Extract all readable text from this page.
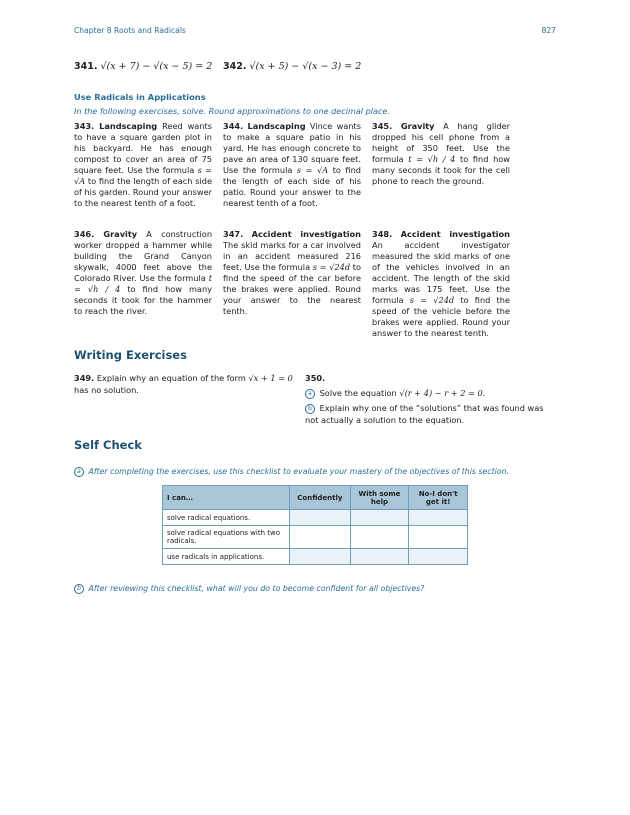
Chapter 8 Roots and Radicals	827
341. √(x + 7) − √(x − 5) = 2 342. √(x + 5) − √(x − 3) = 2
Use Radicals in Applications
In the following exercises, solve. Round approximations to one decimal place.
343. Landscaping Reed wants to have a square garden plot in his backyard. He has enough compost to cover an area of 75 square feet. Use the formula s = √A to find the length of each side of his garden. Round your answer to the nearest tenth of a foot.
344. Landscaping Vince wants to make a square patio in his yard. He has enough concrete to pave an area of 130 square feet. Use the formula s = √A to find the length of each side of his patio. Round your answer to the nearest tenth of a foot.
345. Gravity A hang glider dropped his cell phone from a height of 350 feet. Use the formula t = √h / 4 to find how many seconds it took for the cell phone to reach the ground.
346. Gravity A construction worker dropped a hammer while building the Grand Canyon skywalk, 4000 feet above the Colorado River. Use the formula t = √h / 4 to find how many seconds it took for the hammer to reach the river.
347. Accident investigation The skid marks for a car involved in an accident measured 216 feet. Use the formula s = √24d to find the speed of the car before the brakes were applied. Round your answer to the nearest tenth.
348. Accident investigation An accident investigator measured the skid marks of one of the vehicles involved in an accident. The length of the skid marks was 175 feet. Use the formula s = √24d to find the speed of the vehicle before the brakes were applied. Round your answer to the nearest tenth.
Writing Exercises
349. Explain why an equation of the form √x + 1 = 0 has no solution.
350.
a Solve the equation √(r + 4) − r + 2 = 0.
b Explain why one of the “solutions” that was found was not actually a solution to the equation.
Self Check
a After completing the exercises, use this checklist to evaluate your mastery of the objectives of this section.
I can…	Confidently	With some help	No-I don't get it!
solve radical equations.			
solve radical equations with two radicals.			
use radicals in applications.			
b After reviewing this checklist, what will you do to become confident for all objectives?
